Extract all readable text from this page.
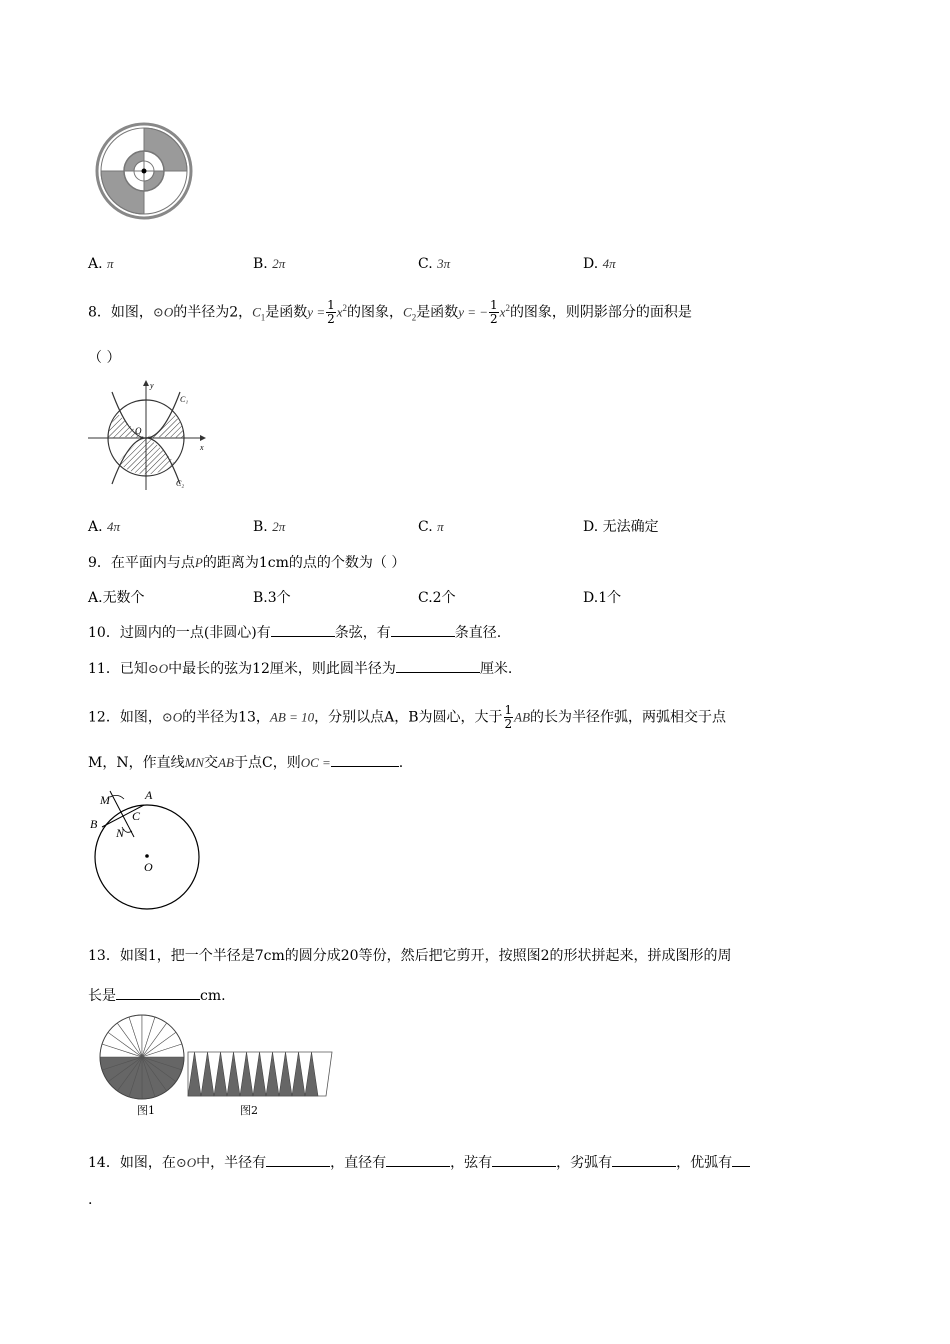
A. π	B. 2π	C. 3π	D. 4π
8．如图，⊙O的半径为2，$C_1$是函数$y = \frac{1}{2} x^2$的图象，$C_2$是函数y = − $\frac{1}{2} x^2$的图象，则阴影部分的面积是
（ ）
y
x
O
C₁
C₂
A. 4π	B. 2π	C. π	D. 无法确定
9．在平面内与点P的距离为1cm的点的个数为（ ）
A.无数个	B.3个	C.2个	D.1个
10．过圆内的一点(非圆心)有	条弦，有	条直径.
11．已知⊙O中最长的弦为12厘米，则此圆半径为	厘米.
12．如图，⊙O的半径为13，AB = 10，分别以点A，B为圆心，大于 $\frac{1}{2}$ AB的长为半径作弧，两弧相交于点
M，N，作直线MN交AB于点C，则OC =	.
M	A
B
C
N
O
13．如图1，把一个半径是7cm的圆分成20等份，然后把它剪开，按照图2的形状拼起来，拼成图形的周
长是	cm.
图1	图2
14．如图，在⊙O中，半径有	，直径有	，弦有	，劣弧有	，优弧有
.
